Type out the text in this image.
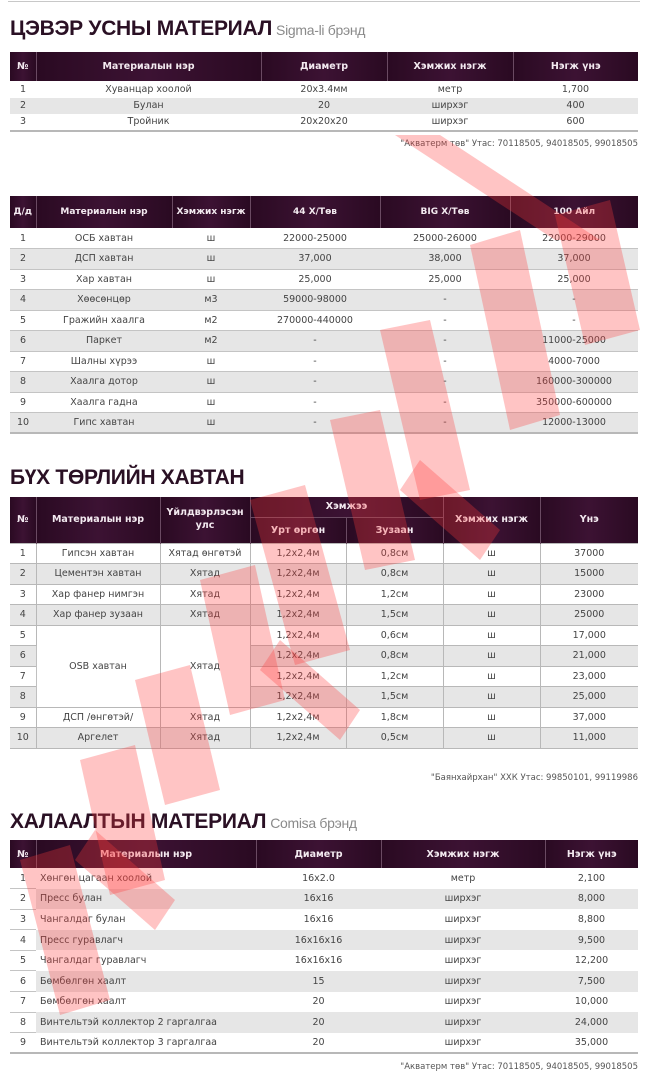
ЦЭВЭР УСНЫ МАТЕРИАЛ Sigma-li брэнд
№	Материалын нэр	Диаметр	Хэмжих нэгж	Нэгж үнэ
1	Хуванцар хоолой	20x3.4мм	метр	1,700
2	Булан	20	ширхэг	400
3	Тройник	20x20x20	ширхэг	600
"Акватерм төв" Утас: 70118505, 94018505, 99018505
Д/д	Материалын нэр	Хэмжих нэгж	44 Х/Төв	BIG Х/Төв	100 Айл
1	ОСБ хавтан	ш	22000-25000	25000-26000	22000-29000
2	ДСП хавтан	ш	37,000	38,000	37,000
3	Хар хавтан	ш	25,000	25,000	25,000
4	Хөөсөнцөр	м3	59000-98000	-	-
5	Гражийн хаалга	м2	270000-440000	-	-
6	Паркет	м2	-	-	11000-25000
7	Шалны хүрээ	ш	-	-	4000-7000
8	Хаалга дотор	ш	-	-	160000-300000
9	Хаалга гадна	ш	-	-	350000-600000
10	Гипс хавтан	ш	-	-	12000-13000
БҮХ ТӨРЛИЙН ХАВТАН
№	Материалын нэр	Үйлдвэрлэсэн улс	Хэмжээ		Хэмжих нэгж	Үнэ
			Урт өргөн	Зузаан		
1	Гипсэн хавтан	Хятад өнгөтэй	1,2x2,4м	0,8см	ш	37000
2	Цементэн хавтан	Хятад	1,2x2,4м	0,8см	ш	15000
3	Хар фанер нимгэн	Хятад	1,2x2,4м	1,2см	ш	23000
4	Хар фанер зузаан	Хятад	1,2x2,4м	1,5см	ш	25000
5	OSB хавтан	Хятад	1,2x2,4м	0,6см	ш	17,000
6			1,2x2,4м	0,8см	ш	21,000
7			1,2x2,4м	1,2см	ш	23,000
8			1,2x2,4м	1,5см	ш	25,000
9	ДСП /өнгөтэй/	Хятад	1,2x2,4м	1,8см	ш	37,000
10	Аргелет	Хятад	1,2x2,4м	0,5см	ш	11,000
"Баянхайрхан" ХХК Утас: 99850101, 99119986
ХАЛААЛТЫН МАТЕРИАЛ Comisa брэнд
№	Материалын нэр	Диаметр	Хэмжих нэгж	Нэгж үнэ
1	Хөнгөн цагаан хоолой	16x2.0	метр	2,100
2	Пресс булан	16x16	ширхэг	8,000
3	Чангалдаг булан	16x16	ширхэг	8,800
4	Пресс гуравлагч	16x16x16	ширхэг	9,500
5	Чангалдаг гуравлагч	16x16x16	ширхэг	12,200
6	Бөмбөлгөн хаалт	15	ширхэг	7,500
7	Бөмбөлгөн хаалт	20	ширхэг	10,000
8	Винтельтэй коллектор 2 гаргалгаа	20	ширхэг	24,000
9	Винтельтэй коллектор 3 гаргалгаа	20	ширхэг	35,000
"Акватерм төв" Утас: 70118505, 94018505, 99018505
